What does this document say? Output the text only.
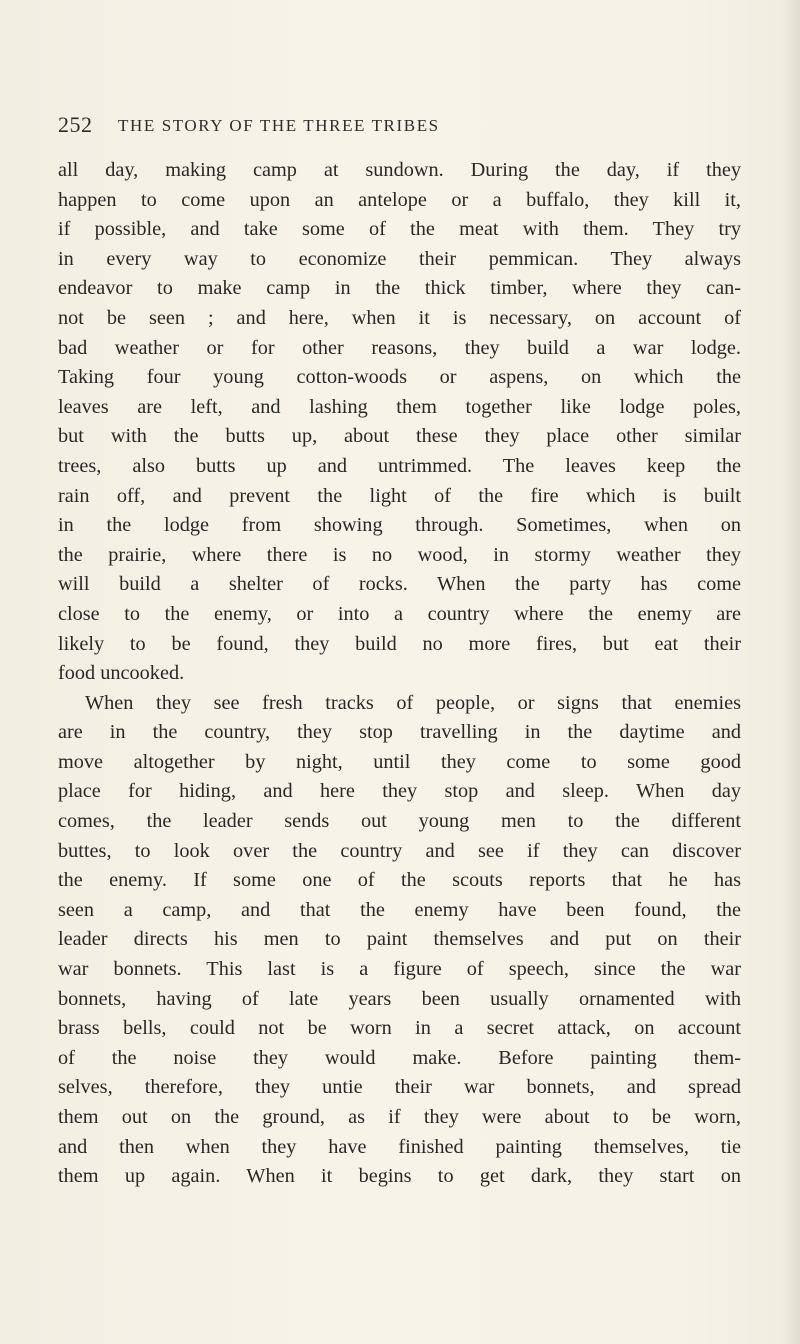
252 THE STORY OF THE THREE TRIBES
all day, making camp at sundown. During the day, if they
happen to come upon an antelope or a buffalo, they kill it,
if possible, and take some of the meat with them. They try
in every way to economize their pemmican. They always
endeavor to make camp in the thick timber, where they can-
not be seen ; and here, when it is necessary, on account of
bad weather or for other reasons, they build a war lodge.
Taking four young cotton-woods or aspens, on which the
leaves are left, and lashing them together like lodge poles,
but with the butts up, about these they place other similar
trees, also butts up and untrimmed. The leaves keep the
rain off, and prevent the light of the fire which is built
in the lodge from showing through. Sometimes, when on
the prairie, where there is no wood, in stormy weather they
will build a shelter of rocks. When the party has come
close to the enemy, or into a country where the enemy are
likely to be found, they build no more fires, but eat their
food uncooked.
When they see fresh tracks of people, or signs that enemies
are in the country, they stop travelling in the daytime and
move altogether by night, until they come to some good
place for hiding, and here they stop and sleep. When day
comes, the leader sends out young men to the different
buttes, to look over the country and see if they can discover
the enemy. If some one of the scouts reports that he has
seen a camp, and that the enemy have been found, the
leader directs his men to paint themselves and put on their
war bonnets. This last is a figure of speech, since the war
bonnets, having of late years been usually ornamented with
brass bells, could not be worn in a secret attack, on account
of the noise they would make. Before painting them-
selves, therefore, they untie their war bonnets, and spread
them out on the ground, as if they were about to be worn,
and then when they have finished painting themselves, tie
them up again. When it begins to get dark, they start on
